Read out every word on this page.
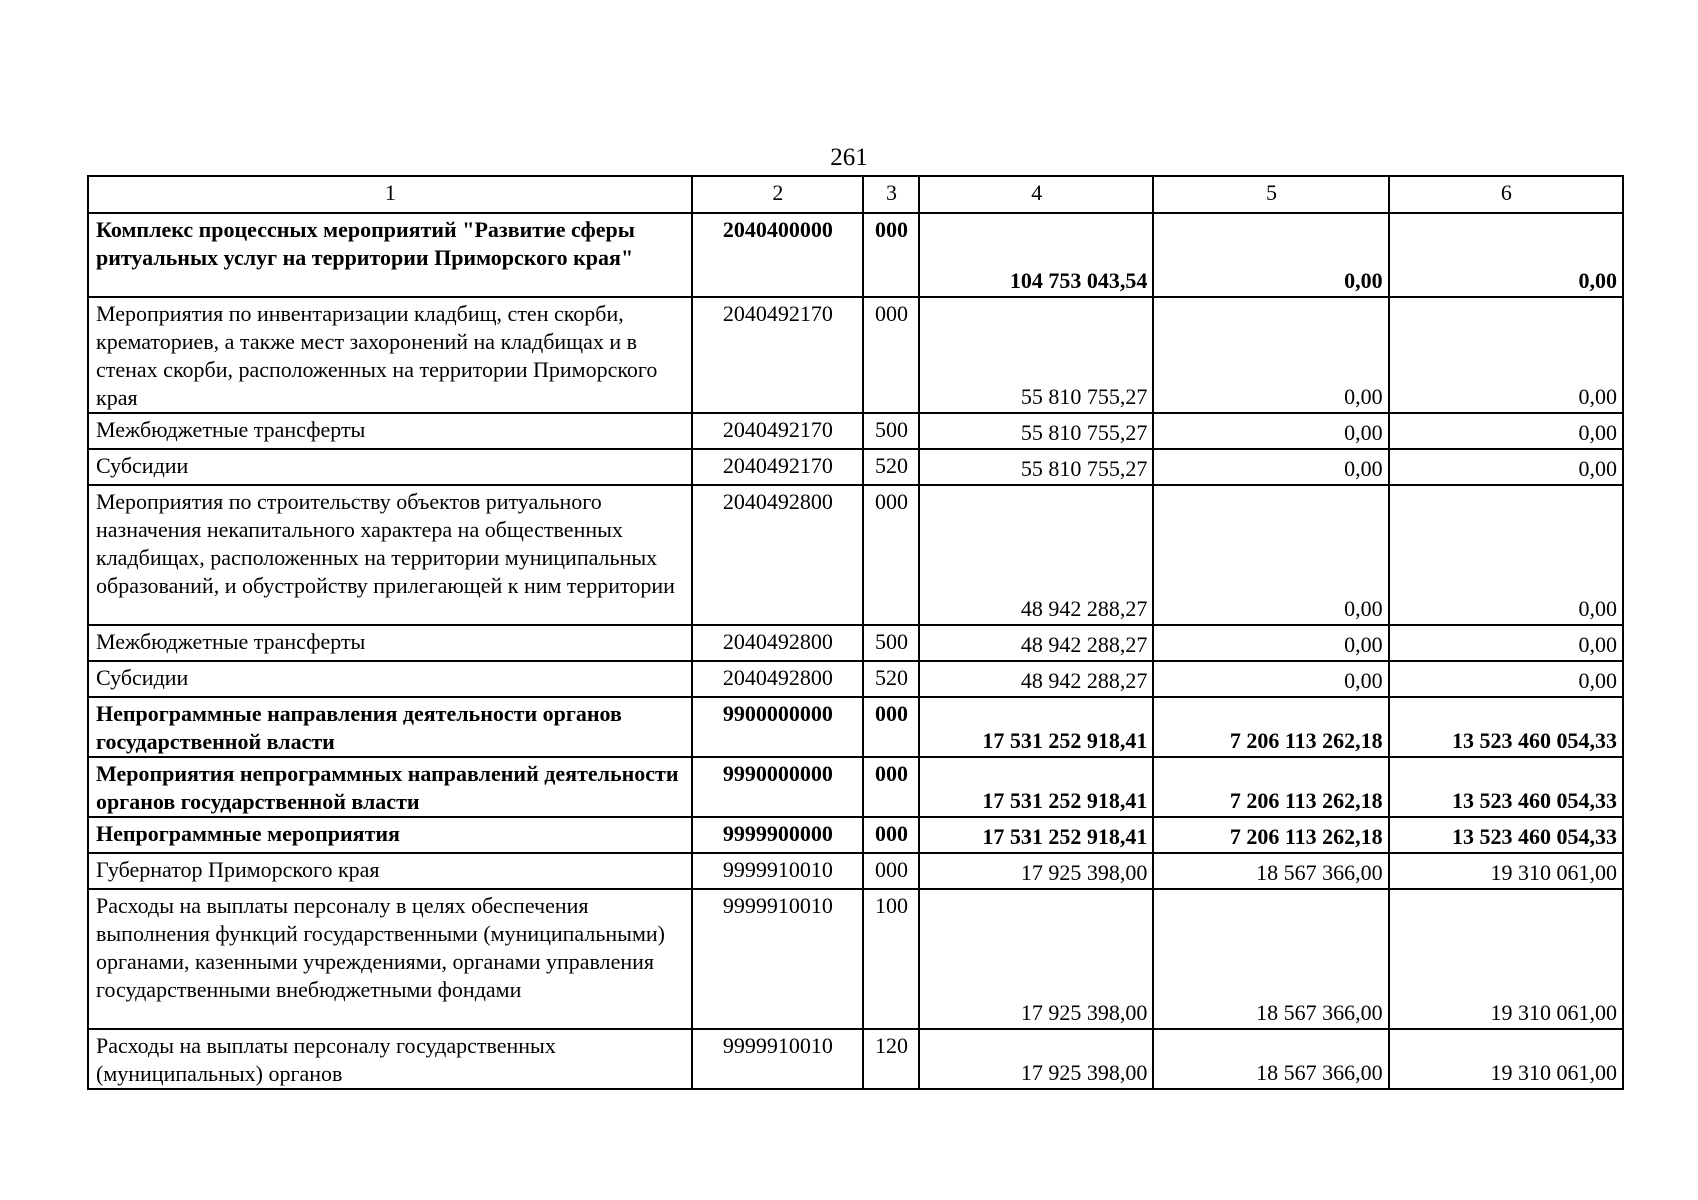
261
1	2	3	4	5	6
Комплекс процессных мероприятий "Развитие сферы ритуальных услуг на территории Приморского края"	2040400000	000	104 753 043,54	0,00	0,00
Мероприятия по инвентаризации кладбищ, стен скорби, крематориев, а также мест захоронений на кладбищах и в стенах скорби, расположенных на территории Приморского края	2040492170	000	55 810 755,27	0,00	0,00
Межбюджетные трансферты	2040492170	500	55 810 755,27	0,00	0,00
Субсидии	2040492170	520	55 810 755,27	0,00	0,00
Мероприятия по строительству объектов ритуального назначения некапитального характера на общественных кладбищах, расположенных на территории муниципальных образований, и обустройству прилегающей к ним территории	2040492800	000	48 942 288,27	0,00	0,00
Межбюджетные трансферты	2040492800	500	48 942 288,27	0,00	0,00
Субсидии	2040492800	520	48 942 288,27	0,00	0,00
Непрограммные направления деятельности органов государственной власти	9900000000	000	17 531 252 918,41	7 206 113 262,18	13 523 460 054,33
Мероприятия непрограммных направлений деятельности органов государственной власти	9990000000	000	17 531 252 918,41	7 206 113 262,18	13 523 460 054,33
Непрограммные мероприятия	9999900000	000	17 531 252 918,41	7 206 113 262,18	13 523 460 054,33
Губернатор Приморского края	9999910010	000	17 925 398,00	18 567 366,00	19 310 061,00
Расходы на выплаты персоналу в целях обеспечения выполнения функций государственными (муниципальными) органами, казенными учреждениями, органами управления государственными внебюджетными фондами	9999910010	100	17 925 398,00	18 567 366,00	19 310 061,00
Расходы на выплаты персоналу государственных (муниципальных) органов	9999910010	120	17 925 398,00	18 567 366,00	19 310 061,00
